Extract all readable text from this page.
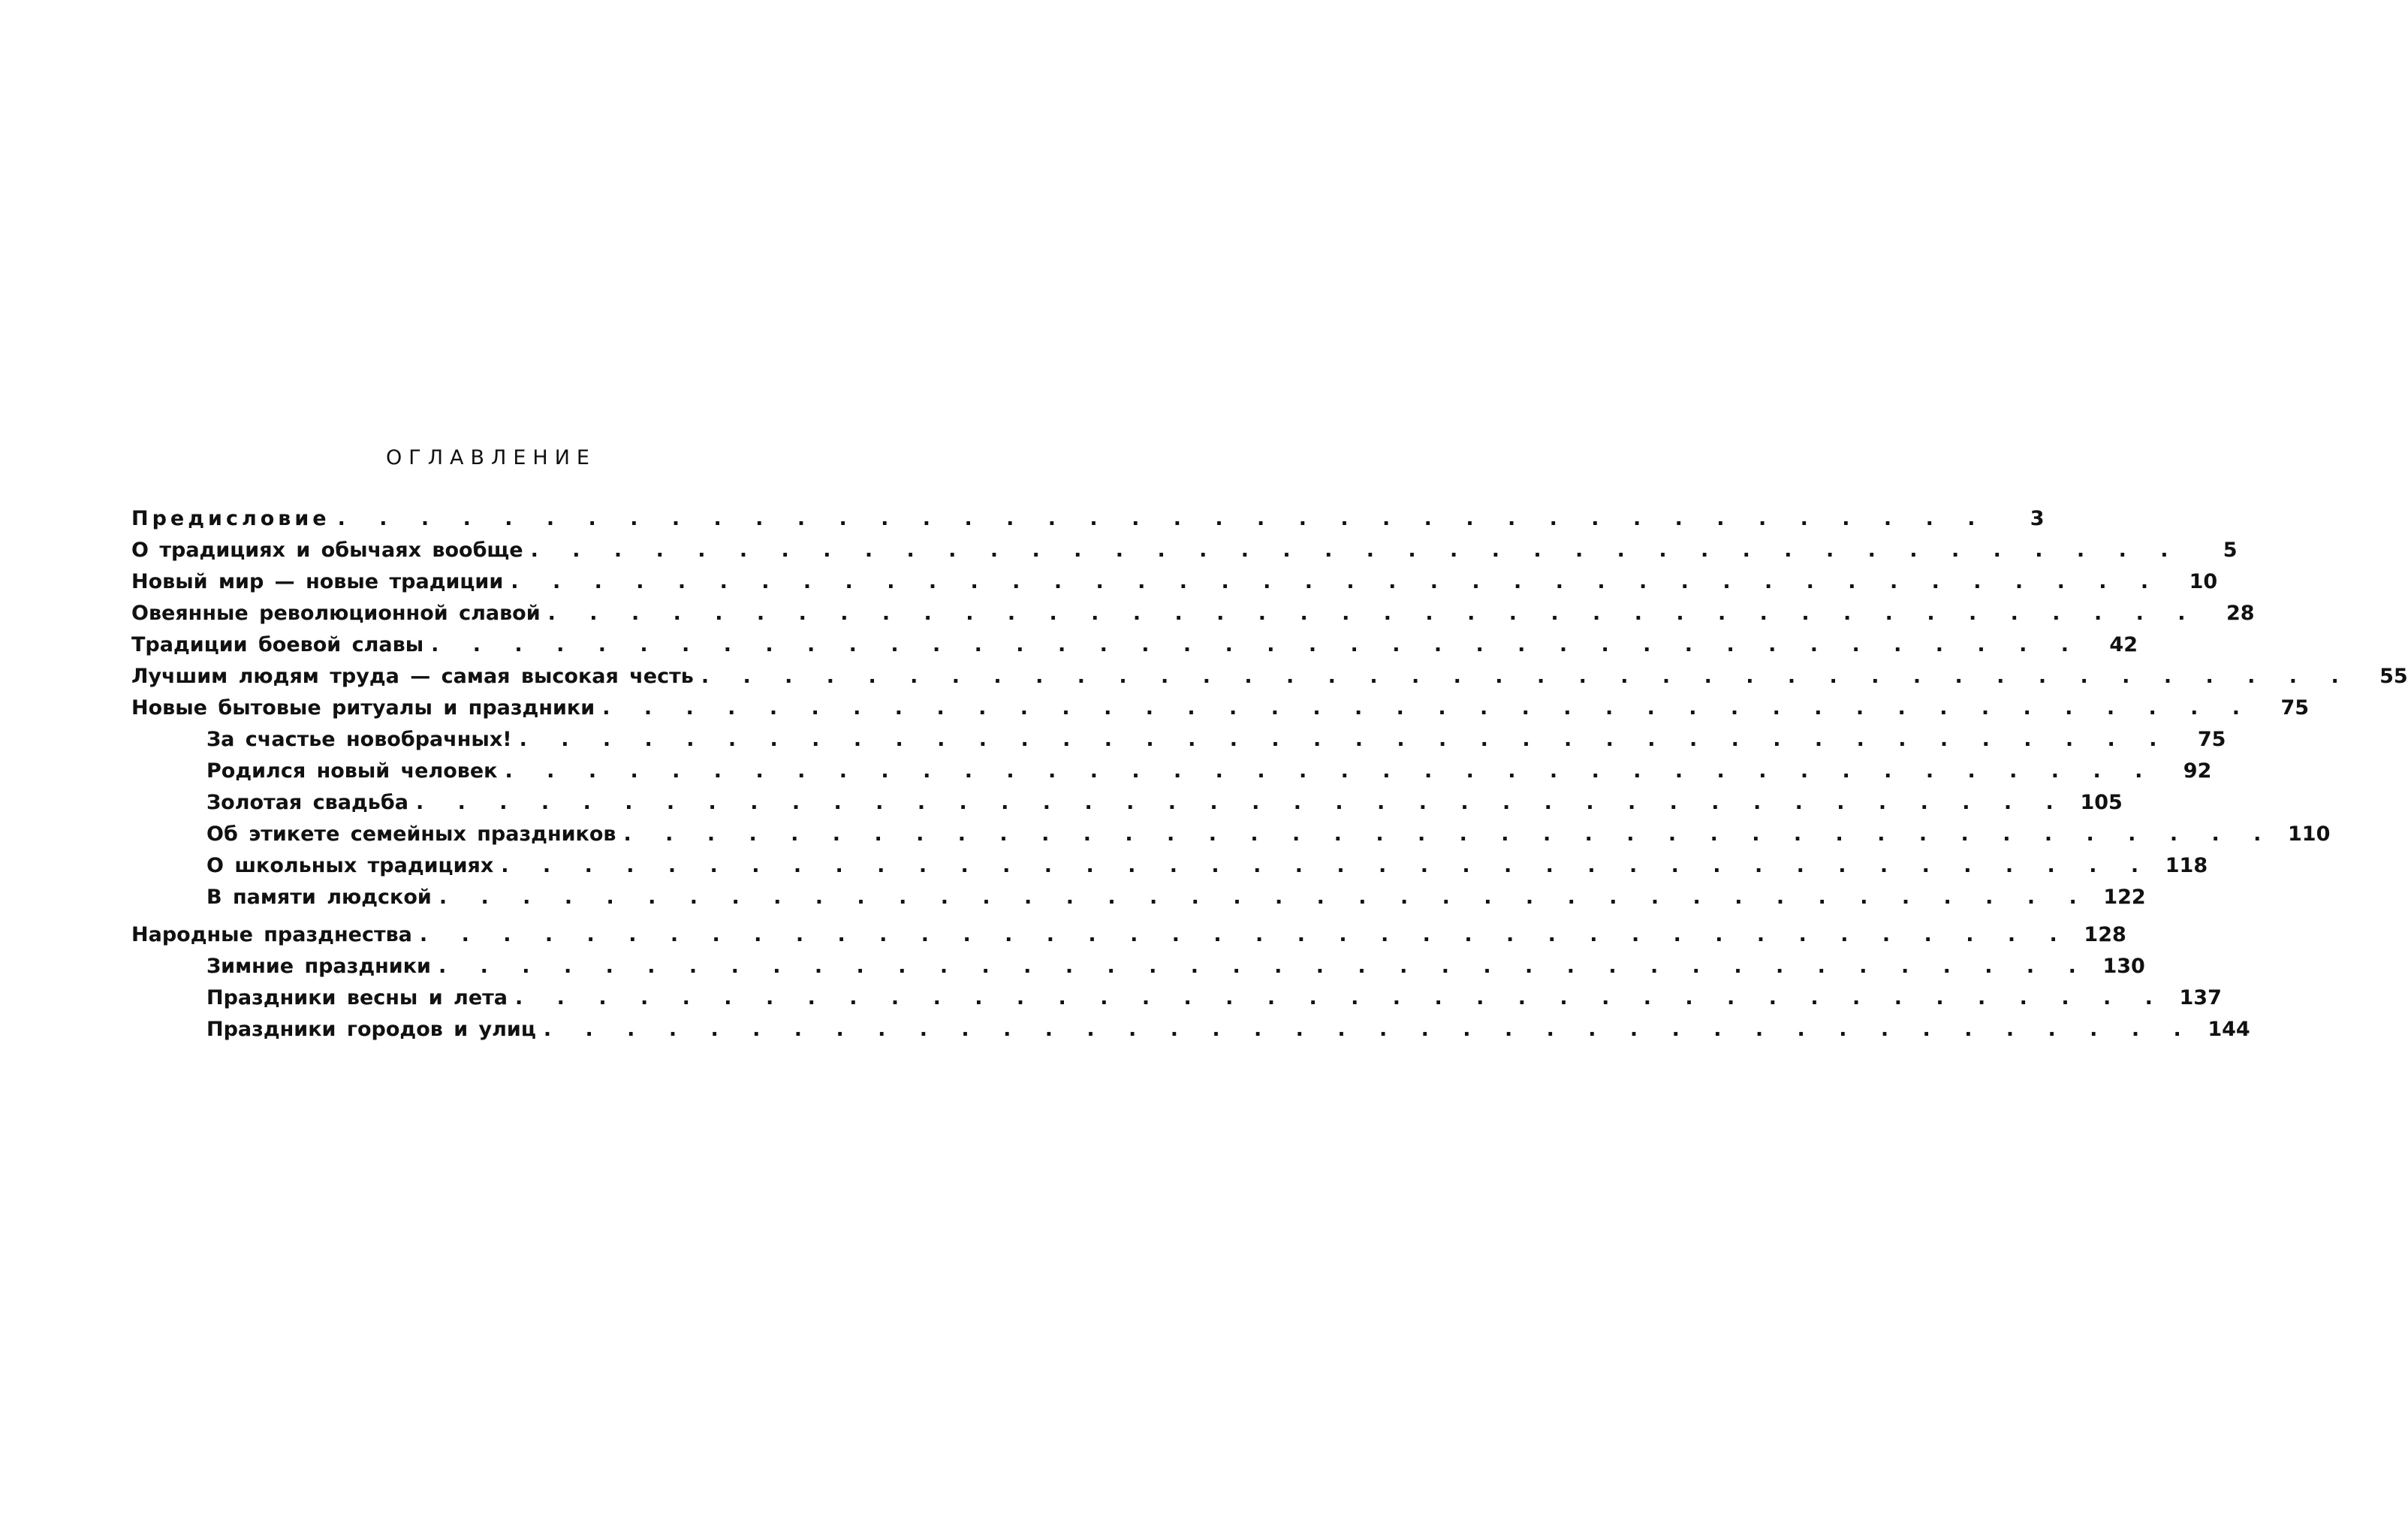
ОГЛАВЛЕНИЕ
Предисловие . . . . . . . . . . . . . . . . . . . . . . . . . . . . . . . . . . . . . . . .	3
О традициях и обычаях вообще . . . . . . . . . . . . . . . . . . . . . . . . . . . . . . . . . . . . . . . .	5
Новый мир — новые традиции . . . . . . . . . . . . . . . . . . . . . . . . . . . . . . . . . . . . . . . .	10
Овеянные революционной славой . . . . . . . . . . . . . . . . . . . . . . . . . . . . . . . . . . . . . . . .	28
Традиции боевой славы . . . . . . . . . . . . . . . . . . . . . . . . . . . . . . . . . . . . . . . .	42
Лучшим людям труда — самая высокая честь . . . . . . . . . . . . . . . . . . . . . . . . . . . . . . . . . . . . . . . .	55
Новые бытовые ритуалы и праздники . . . . . . . . . . . . . . . . . . . . . . . . . . . . . . . . . . . . . . . .	75
За счастье новобрачных! . . . . . . . . . . . . . . . . . . . . . . . . . . . . . . . . . . . . . . . .	75
Родился новый человек . . . . . . . . . . . . . . . . . . . . . . . . . . . . . . . . . . . . . . . .	92
Золотая свадьба . . . . . . . . . . . . . . . . . . . . . . . . . . . . . . . . . . . . . . . . 105
Об этикете семейных праздников . . . . . . . . . . . . . . . . . . . . . . . . . . . . . . . . . . . . . . . . 110
О школьных традициях . . . . . . . . . . . . . . . . . . . . . . . . . . . . . . . . . . . . . . . . 118
В памяти людской . . . . . . . . . . . . . . . . . . . . . . . . . . . . . . . . . . . . . . . . 122
Народные празднества . . . . . . . . . . . . . . . . . . . . . . . . . . . . . . . . . . . . . . . . 128
Зимние праздники . . . . . . . . . . . . . . . . . . . . . . . . . . . . . . . . . . . . . . . . 130
Праздники весны и лета . . . . . . . . . . . . . . . . . . . . . . . . . . . . . . . . . . . . . . . . 137
Праздники городов и улиц . . . . . . . . . . . . . . . . . . . . . . . . . . . . . . . . . . . . . . . . 144
